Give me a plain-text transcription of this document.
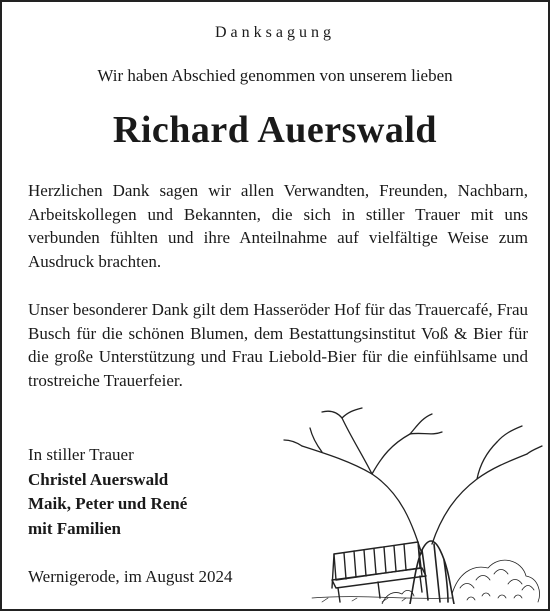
Danksagung
Wir haben Abschied genommen von unserem lieben
Richard Auerswald

Herzlichen Dank sagen wir allen Verwandten, Freunden, Nachbarn, Arbeitskollegen und Bekannten, die sich in stiller Trauer mit uns verbunden fühlten und ihre Anteilnahme auf vielfältige Weise zum Ausdruck brachten.

Unser besonderer Dank gilt dem Hasseröder Hof für das Trauercafé, Frau Busch für die schönen Blumen, dem Bestattungsinstitut Voß & Bier für die große Unterstützung und Frau Liebold-Bier für die einfühlsame und trostreiche Trauerfeier.

In stiller Trauer
Christel Auerswald
Maik, Peter und René
mit Familien
Wernigerode, im August 2024
